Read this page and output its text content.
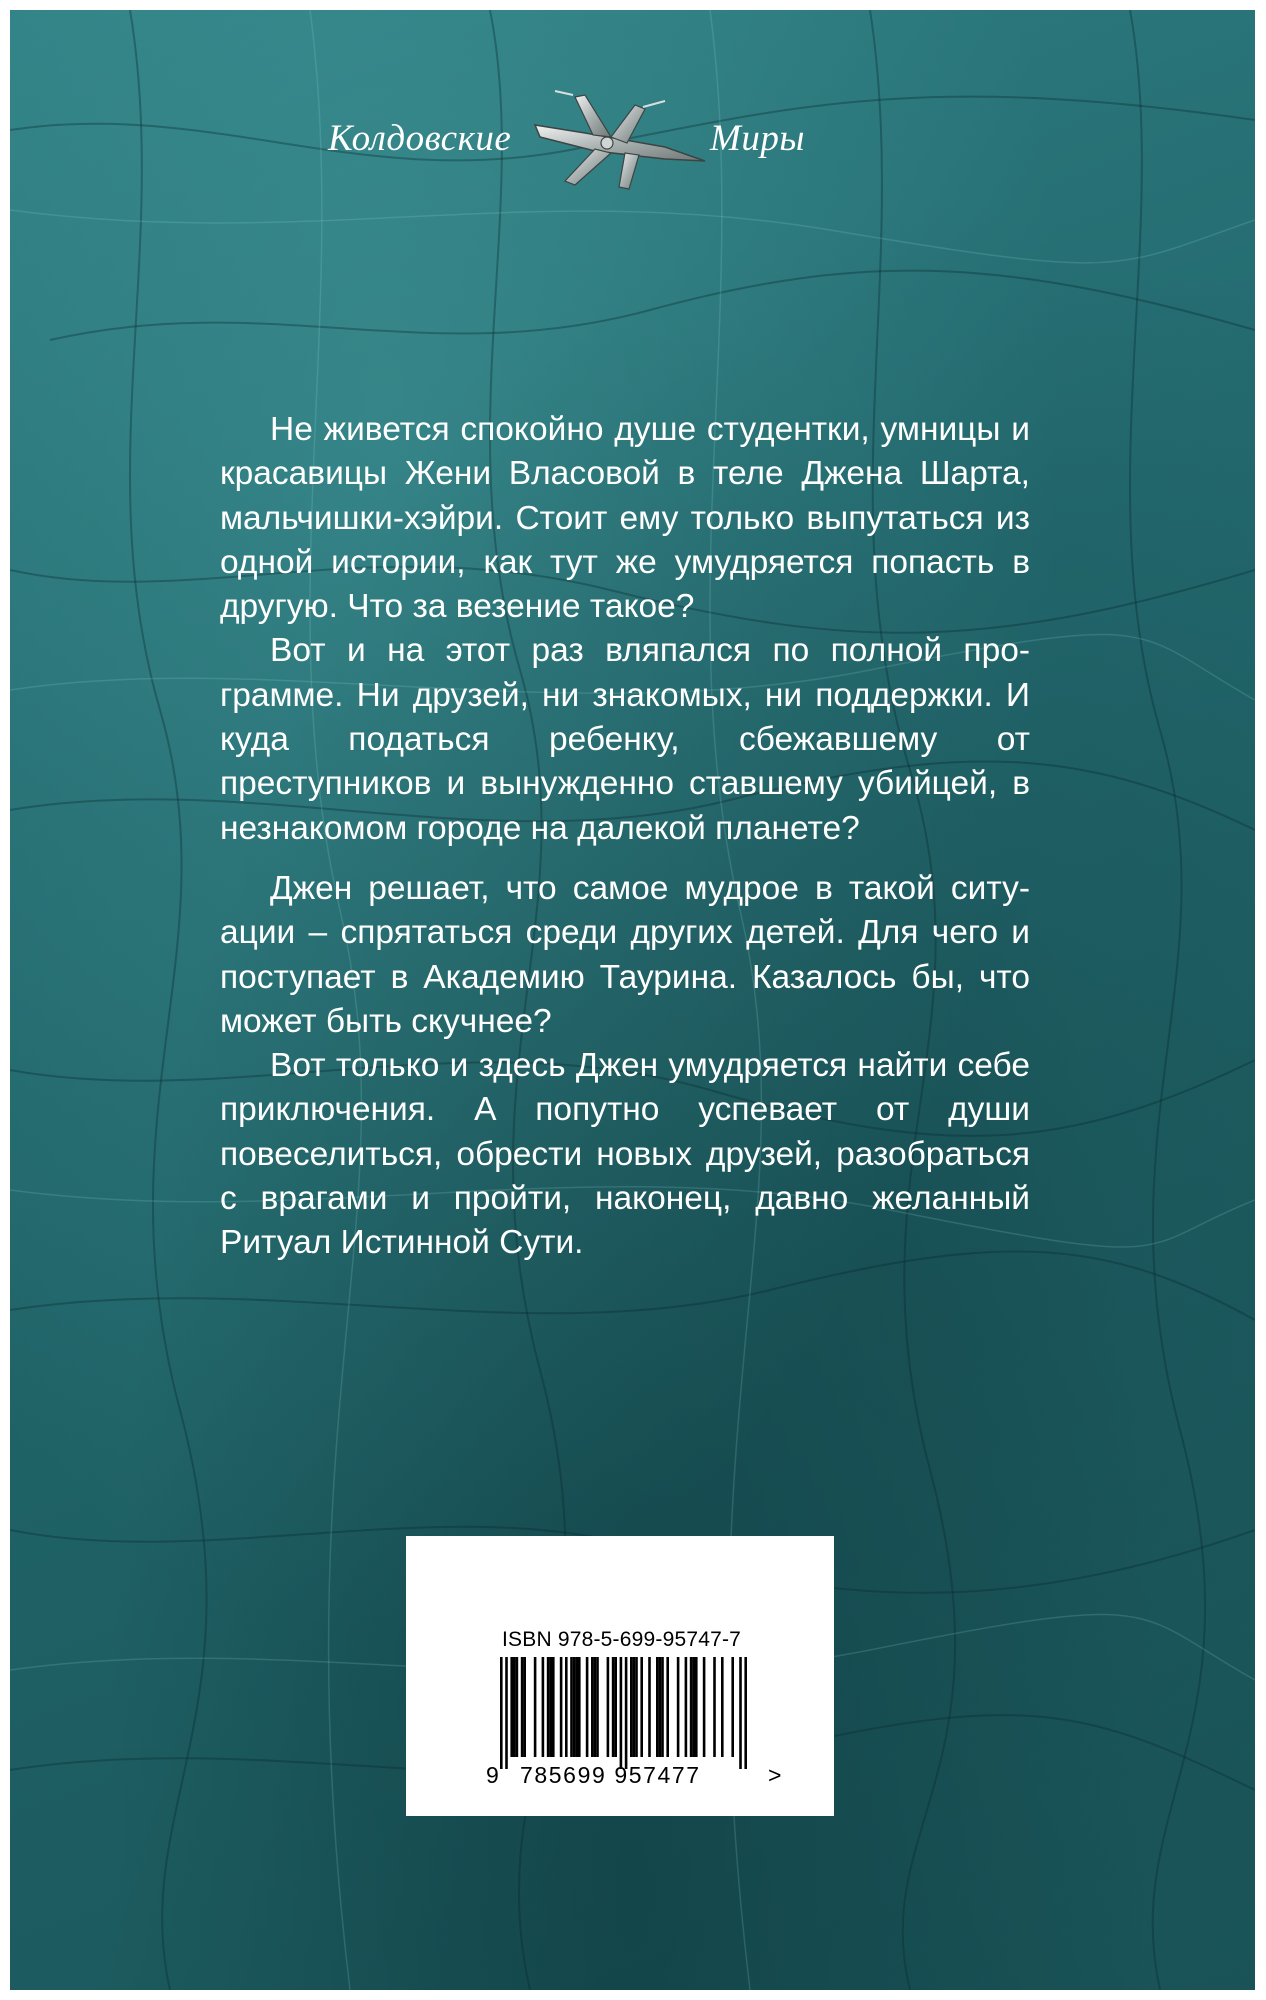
Колдовские	Миры

Не живется спокойно душе студентки, умницы и красавицы Жени Власовой в теле Джена Шарта, мальчишки-хэйри. Стоит ему только выпутаться из одной истории, как тут же умудряется попасть в другую. Что за везение такое?

Вот и на этот раз вляпался по полной программе. Ни друзей, ни знакомых, ни поддержки. И куда податься ребенку, сбежавшему от преступников и вынужденно ставшему убийцей, в незнакомом городе на далекой планете?

Джен решает, что самое мудрое в такой ситуации – спрятаться среди других детей. Для чего и поступает в Академию Таурина. Казалось бы, что может быть скучнее?

Вот только и здесь Джен умудряется найти себе приключения. А попутно успевает от души повеселиться, обрести новых друзей, разобраться с врагами и пройти, наконец, давно желанный Ритуал Истинной Сути.

ISBN 978-5-699-95747-7
9 785699 957477	>
